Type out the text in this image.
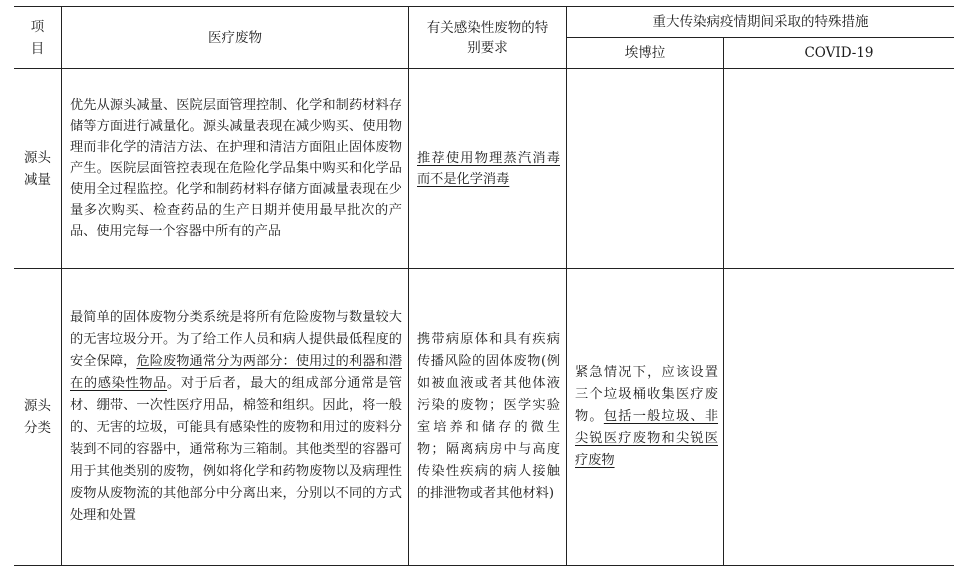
项目
医疗废物
有关感染性废物的特别要求
重大传染病疫情期间采取的特殊措施
埃博拉	COVID-19
源头减量
优先从源头减量、医院层面管理控制、化学和制药材料存储等方面进行减量化。源头减量表现在减少购买、使用物理而非化学的清洁方法、在护理和清洁方面阻止固体废物产生。医院层面管控表现在危险化学品集中购买和化学品使用全过程监控。化学和制药材料存储方面减量表现在少量多次购买、检查药品的生产日期并使用最早批次的产品、使用完每一个容器中所有的产品
推荐使用物理蒸汽消毒而不是化学消毒
源头分类
最简单的固体废物分类系统是将所有危险废物与数量较大的无害垃圾分开。为了给工作人员和病人提供最低程度的安全保障，危险废物通常分为两部分：使用过的利器和潜在的感染性物品。对于后者，最大的组成部分通常是管材、绷带、一次性医疗用品，棉签和组织。因此，将一般的、无害的垃圾，可能具有感染性的废物和用过的废料分装到不同的容器中，通常称为三箱制。其他类型的容器可用于其他类别的废物，例如将化学和药物废物以及病理性废物从废物流的其他部分中分离出来，分别以不同的方式处理和处置
携带病原体和具有疾病传播风险的固体废物(例如被血液或者其他体液污染的废物；医学实验室培养和储存的微生物；隔离病房中与高度传染性疾病的病人接触的排泄物或者其他材料)
紧急情况下，应该设置三个垃圾桶收集医疗废物。包括一般垃圾、非尖锐医疗废物和尖锐医疗废物
